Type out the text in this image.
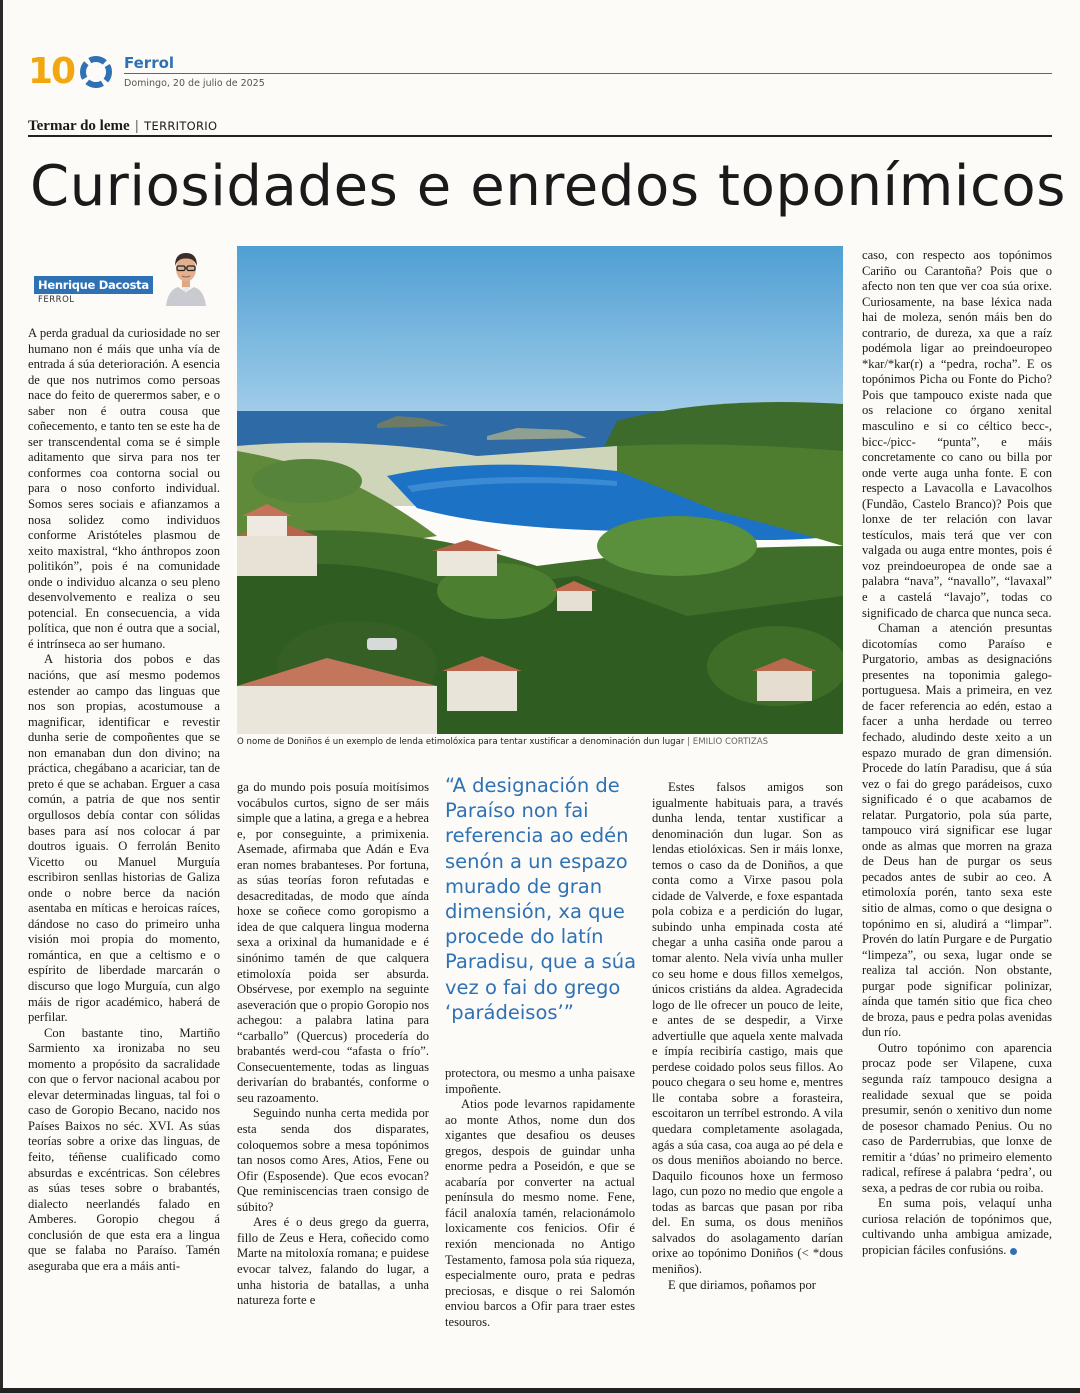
10	Ferrol
Domingo, 20 de julio de 2025
Termar do leme | TERRITORIO
Curiosidades e enredos toponímicos
Henrique Dacosta
FERROL
O nome de Doniños é un exemplo de lenda etimolóxica para tentar xustificar a denominación dun lugar | EMILIO CORTIZAS
“A designación de Paraíso non fai referencia ao edén senón a un espazo murado de gran dimensión, xa que procede do latín Paradisu, que a súa vez o fai do grego ‘parádeisos’”

A perda gradual da curiosidade no ser humano non é máis que unha vía de entrada á súa deterioración. A esencia de que nos nutrimos como persoas nace do feito de querermos saber, e o saber non é outra cousa que coñecemento, e tanto ten se este ha de ser transcendental coma se é simple aditamento que sirva para nos ter conformes coa contorna social ou para o noso conforto individual. Somos seres sociais e afianzamos a nosa solidez como individuos conforme Aristóteles plasmou de xeito maxistral, “kho ánthropos zoon politikón”, pois é na comunidade onde o individuo alcanza o seu pleno desenvolvemento e realiza o seu potencial. En consecuencia, a vida política, que non é outra que a social, é intrínseca ao ser humano.

A historia dos pobos e das nacións, que así mesmo podemos estender ao campo das linguas que nos son propias, acostumouse a magnificar, identificar e revestir dunha serie de compoñentes que se non emanaban dun don divino; na práctica, chegábano a acariciar, tan de preto é que se achaban. Erguer a casa común, a patria de que nos sentir orgullosos debía contar con sólidas bases para así nos colocar á par doutros iguais. O ferrolán Benito Vicetto ou Manuel Murguía escribiron senllas historias de Galiza onde o nobre berce da nación asentaba en míticas e heroicas raíces, dándose no caso do primeiro unha visión moi propia do momento, romántica, en que a celtismo e o espírito de liberdade marcarán o discurso que logo Murguía, cun algo máis de rigor académico, haberá de perfilar.

Con bastante tino, Martiño Sarmiento xa ironizaba no seu momento a propósito da sacralidade con que o fervor nacional acabou por elevar determinadas linguas, tal foi o caso de Goropio Becano, nacido nos Países Baixos no séc. XVI. As súas teorías sobre a orixe das linguas, de feito, téñense cualificado como absurdas e excéntricas. Son célebres as súas teses sobre o brabantés, dialecto neerlandés falado en Amberes. Goropio chegou á conclusión de que esta era a lingua que se falaba no Paraíso. Tamén aseguraba que era a máis anti-

ga do mundo pois posuía moitísimos vocábulos curtos, signo de ser máis simple que a latina, a grega e a hebrea e, por conseguinte, a primixenia. Asemade, afirmaba que Adán e Eva eran nomes brabanteses. Por fortuna, as súas teorías foron refutadas e desacreditadas, de modo que aínda hoxe se coñece como goropismo a idea de que calquera lingua moderna sexa a orixinal da humanidade e é sinónimo tamén de que calquera etimoloxía poida ser absurda. Obsérvese, por exemplo na seguinte aseveración que o propio Goropio nos achegou: a palabra latina para “carballo” (Quercus) procedería do brabantés werd-cou “afasta o frío”. Consecuentemente, todas as linguas derivarían do brabantés, conforme o seu razoamento.

Seguindo nunha certa medida por esta senda dos disparates, coloquemos sobre a mesa topónimos tan nosos como Ares, Atios, Fene ou Ofir (Esposende). Que ecos evocan? Que reminiscencias traen consigo de súbito?

Ares é o deus grego da guerra, fillo de Zeus e Hera, coñecido como Marte na mitoloxía romana; e puidese evocar talvez, falando do lugar, a unha historia de batallas, a unha natureza forte e

protectora, ou mesmo a unha paisaxe impoñente.

Atios pode levarnos rapidamente ao monte Athos, nome dun dos xigantes que desafiou os deuses gregos, despois de guindar unha enorme pedra a Poseidón, e que se acabaría por converter na actual península do mesmo nome. Fene, fácil analoxía tamén, relacionámolo loxicamente cos fenicios. Ofir é rexión mencionada no Antigo Testamento, famosa pola súa riqueza, especialmente ouro, prata e pedras preciosas, e disque o rei Salomón enviou barcos a Ofir para traer estes tesouros.

Estes falsos amigos son igualmente habituais para, a través dunha lenda, tentar xustificar a denominación dun lugar. Son as lendas etiolóxicas. Sen ir máis lonxe, temos o caso da de Doniños, a que conta como a Virxe pasou pola cidade de Valverde, e foxe espantada pola cobiza e a perdición do lugar, subindo unha empinada costa até chegar a unha casiña onde parou a tomar alento. Nela vivía unha muller co seu home e dous fillos xemelgos, únicos cristiáns da aldea. Agradecida logo de lle ofrecer un pouco de leite, e antes de se despedir, a Virxe advertiulle que aquela xente malvada e ímpía recibiría castigo, mais que perdese coidado polos seus fillos. Ao pouco chegara o seu home e, mentres lle contaba sobre a forasteira, escoitaron un terríbel estrondo. A vila quedara completamente asolagada, agás a súa casa, coa auga ao pé dela e os dous meniños aboiando no berce. Daquilo ficounos hoxe un fermoso lago, cun pozo no medio que engole a todas as barcas que pasan por riba del. En suma, os dous meniños salvados do asolagamento darían orixe ao topónimo Doniños (< *dous meniños).

E que diriamos, poñamos por

caso, con respecto aos topónimos Cariño ou Carantoña? Pois que o afecto non ten que ver coa súa orixe. Curiosamente, na base léxica nada hai de moleza, senón máis ben do contrario, de dureza, xa que a raíz podémola ligar ao preindoeuropeo *kar/*kar(r) a “pedra, rocha”. E os topónimos Picha ou Fonte do Picho? Pois que tampouco existe nada que os relacione co órgano xenital masculino e si co céltico becc-, bicc-/picc- “punta”, e máis concretamente co cano ou billa por onde verte auga unha fonte. E con respecto a Lavacolla e Lavacolhos (Fundão, Castelo Branco)? Pois que lonxe de ter relación con lavar testículos, mais terá que ver con valgada ou auga entre montes, pois é voz preindoeuropea de onde sae a palabra “nava”, “navallo”, “lavaxal” e a castelá “lavajo”, todas co significado de charca que nunca seca.

Chaman a atención presuntas dicotomías como Paraíso e Purgatorio, ambas as designacións presentes na toponimia galego-portuguesa. Mais a primeira, en vez de facer referencia ao edén, estao a facer a unha herdade ou terreo fechado, aludindo deste xeito a un espazo murado de gran dimensión. Procede do latín Paradisu, que á súa vez o fai do grego parádeisos, cuxo significado é o que acabamos de relatar. Purgatorio, pola súa parte, tampouco virá significar ese lugar onde as almas que morren na graza de Deus han de purgar os seus pecados antes de subir ao ceo. A etimoloxía porén, tanto sexa este sitio de almas, como o que designa o topónimo en si, aludirá a “limpar”. Provén do latín Purgare e de Purgatio “limpeza”, ou sexa, lugar onde se realiza tal acción. Non obstante, purgar pode significar polinizar, aínda que tamén sitio que fica cheo de broza, paus e pedra polas avenidas dun río.

Outro topónimo con aparencia procaz pode ser Vilapene, cuxa segunda raíz tampouco designa a realidade sexual que se poida presumir, senón o xenitivo dun nome de posesor chamado Penius. Ou no caso de Parderrubias, que lonxe de remitir a ‘dúas’ no primeiro elemento radical, refírese á palabra ‘pedra’, ou sexa, a pedras de cor rubia ou roiba.

En suma pois, velaquí unha curiosa relación de topónimos que, cultivando unha ambigua amizade, propician fáciles confusións.
